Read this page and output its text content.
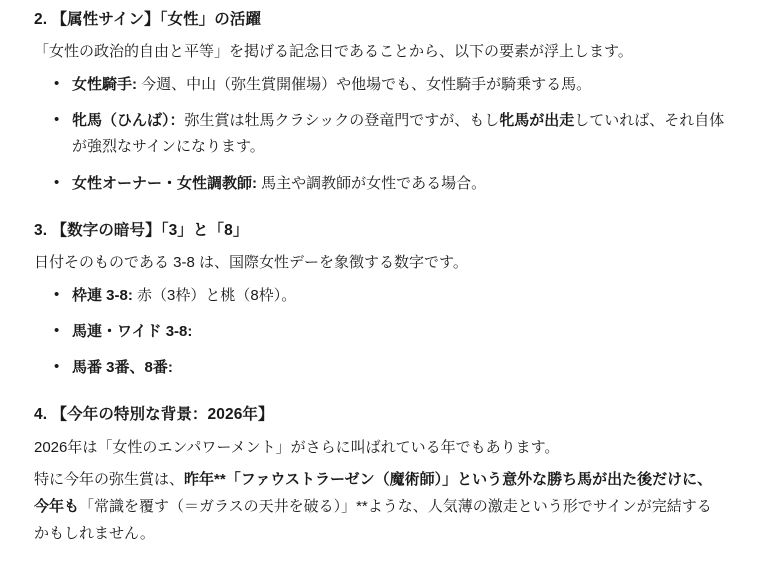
2. 【属性サイン】「女性」の活躍
「女性の政治的自由と平等」を掲げる記念日であることから、以下の要素が浮上します。
• 女性騎手: 今週、中山（弥生賞開催場）や他場でも、女性騎手が騎乗する馬。
• 牝馬（ひんば）：弥生賞は牡馬クラシックの登竜門ですが、もし牝馬が出走していれば、それ自体が強烈なサインになります。
• 女性オーナー・女性調教師: 馬主や調教師が女性である場合。
3. 【数字の暗号】「3」と「8」
日付そのものである 3-8 は、国際女性デーを象徴する数字です。
• 枠連 3-8: 赤（3枠）と桃（8枠）。
• 馬連・ワイド 3-8:
• 馬番 3番、8番:
4. 【今年の特別な背景：2026年】
2026年は「女性のエンパワーメント」がさらに叫ばれている年でもあります。
特に今年の弥生賞は、昨年**「ファウストラーゼン（魔術師）」という意外な勝ち馬が出た後だけに、今年も「常識を覆す（＝ガラスの天井を破る）」**ような、人気薄の激走という形でサインが完結するかもしれません。
